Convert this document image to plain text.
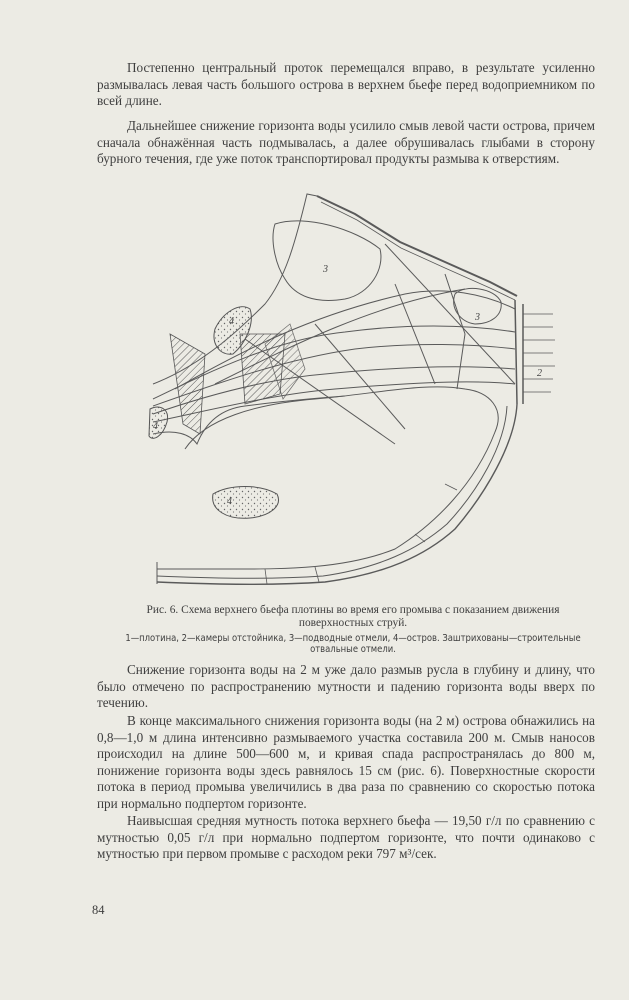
Постепенно центральный проток перемещался вправо, в результате усиленно размывалась левая часть большого острова в верхнем бьефе перед водоприемником по всей длине.

Дальнейшее снижение горизонта воды усилило смыв левой части острова, причем сначала обнажённая часть подмывалась, а далее обрушивалась глыбами в сторону бурного течения, где уже поток транспортировал продукты размыва к отверстиям.

3
3
4
4
4
2

Рис. 6. Схема верхнего бьефа плотины во время его промыва с показанием движения поверхностных струй.

1—плотина, 2—камеры отстойника, 3—подводные отмели, 4—остров. Заштрихованы—строительные отвальные отмели.

Снижение горизонта воды на 2 м уже дало размыв русла в глубину и длину, что было отмечено по распространению мутности и падению горизонта воды вверх по течению.

В конце максимального снижения горизонта воды (на 2 м) острова обнажились на 0,8—1,0 м длина интенсивно размываемого участка составила 200 м. Смыв наносов происходил на длине 500—600 м, и кривая спада распространялась до 800 м, понижение горизонта воды здесь равнялось 15 см (рис. 6). Поверхностные скорости потока в период промыва увеличились в два раза по сравнению со скоростью потока при нормально подпертом горизонте.

Наивысшая средняя мутность потока верхнего бьефа — 19,50 г/л по сравнению с мутностью 0,05 г/л при нормально подпертом горизонте, что почти одинаково с мутностью при первом промыве с расходом реки 797 м³/сек.

84
